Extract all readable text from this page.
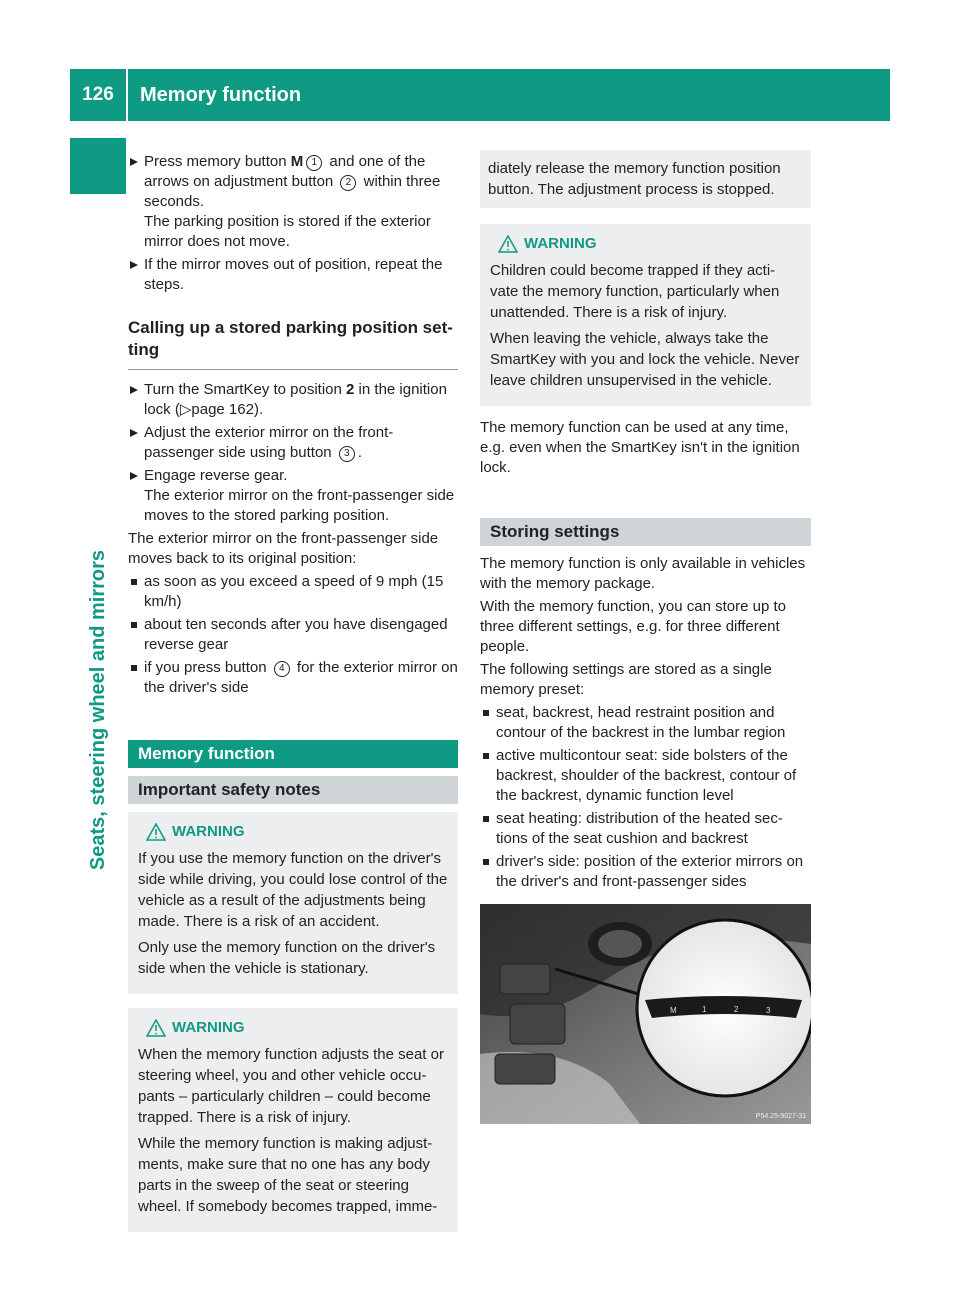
126	Memory function
Seats, steering wheel and mirrors
Press memory button M 1 and one of the arrows on adjustment button 2 within three seconds.
The parking position is stored if the exterior mirror does not move.
If the mirror moves out of position, repeat the steps.
Calling up a stored parking position set-ting
Turn the SmartKey to position 2 in the ignition lock (▷page 162).
Adjust the exterior mirror on the front-passenger side using button 3 .
Engage reverse gear.
The exterior mirror on the front-passenger side moves to the stored parking position.
The exterior mirror on the front-passenger side moves back to its original position:
as soon as you exceed a speed of 9 mph (15 km/h)
about ten seconds after you have disengaged reverse gear
if you press button 4 for the exterior mirror on the driver's side
Memory function
Important safety notes
WARNING

If you use the memory function on the driver's side while driving, you could lose control of the vehicle as a result of the adjustments being made. There is a risk of an accident.

Only use the memory function on the driver's side when the vehicle is stationary.

WARNING

When the memory function adjusts the seat or steering wheel, you and other vehicle occu-pants – particularly children – could become trapped. There is a risk of injury.

While the memory function is making adjust-ments, make sure that no one has any body parts in the sweep of the seat or steering wheel. If somebody becomes trapped, imme-

diately release the memory function position button. The adjustment process is stopped.
WARNING

Children could become trapped if they acti-vate the memory function, particularly when unattended. There is a risk of injury.

When leaving the vehicle, always take the SmartKey with you and lock the vehicle. Never leave children unsupervised in the vehicle.

The memory function can be used at any time, e.g. even when the SmartKey isn't in the ignition lock.
Storing settings
The memory function is only available in vehicles with the memory package.
With the memory function, you can store up to three different settings, e.g. for three different people.
The following settings are stored as a single memory preset:
seat, backrest, head restraint position and contour of the backrest in the lumbar region
active multicontour seat: side bolsters of the backrest, shoulder of the backrest, contour of the backrest, dynamic function level
seat heating: distribution of the heated sec-tions of the seat cushion and backrest
driver's side: position of the exterior mirrors on the driver's and front-passenger sides
M	1	2	3
P54.25-9027-31
